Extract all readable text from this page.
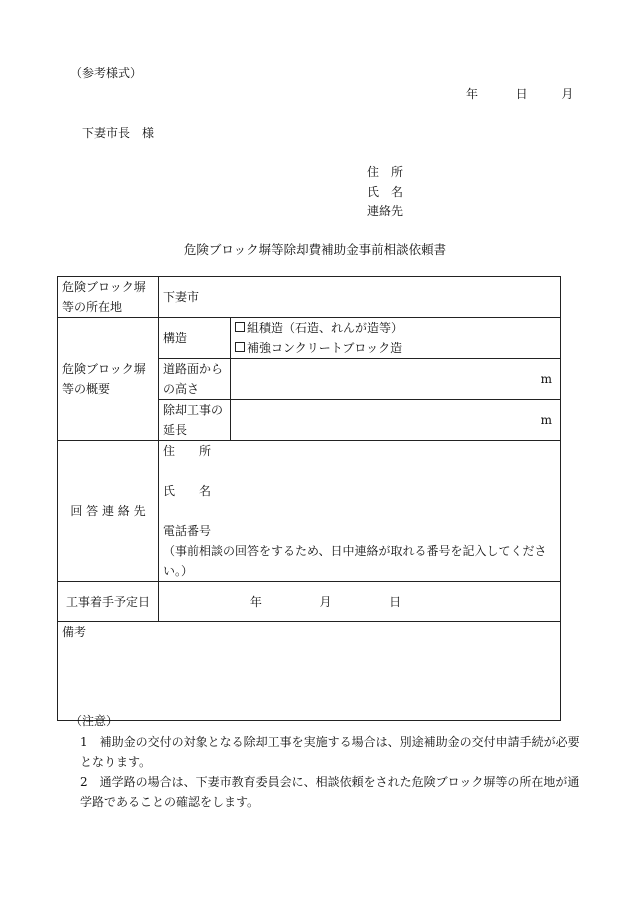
（参考様式）
年	日	月
下妻市長　様
住　所
氏　名
連絡先
危険ブロック塀等除却費補助金事前相談依頼書
危険ブロック塀等の所在地	下妻市	
危険ブロック塀等の概要	構造	組積造（石造、れんが造等）
補強コンクリートブロック造

	道路面からの高さ	m
	除却工事の延長	m
回 答 連 絡 先	住　　所
氏　　名
電話番号
（事前相談の回答をするため、日中連絡が取れる番号を記入してください。）	

工事着手予定日	年 月 日	
備考		
（注意）
1　補助金の交付の対象となる除却工事を実施する場合は、別途補助金の交付申請手続が必要となります。
2　通学路の場合は、下妻市教育委員会に、相談依頼をされた危険ブロック塀等の所在地が通学路であることの確認をします。
